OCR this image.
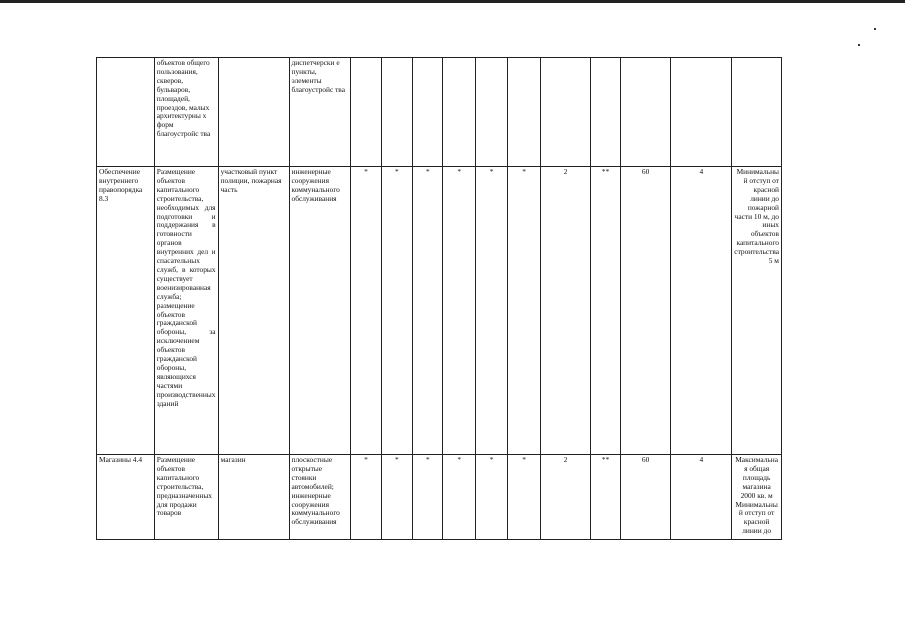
	объектов общего пользования, скверов, бульваров, площадей, проездов, малых архитектурны х форм благоустройс тва		диспетчерски е пункты, элементы благоустройс тва											
Обеспечение внутреннего правопорядка 8.3	Размещение объектов капитального строительства, необходимых для подготовки и поддержания в готовности органов внутренних дел и спасательных служб, в которых существует военизированная служба; размещение объектов гражданской обороны, за исключением объектов гражданской обороны, являющихся частями производственных зданий	участковый пункт полиции, пожарная часть	инженерные сооружения коммунального обслуживания	*	*	*	*	*	*	2	**	60	4	Минимальный отступ от красной линии до пожарной части 10 м, до иных объектов капитального строительства 5 м
Магазины 4.4	Размещение объектов капитального строительства, предназначенных для продажи товаров	магазин	плоскостные открытые стоянки автомобилей; инженерные сооружения коммунального обслуживания	*	*	*	*	*	*	2	**	60	4	Максимальная общая площадь магазина 2000 кв. м Минимальный отступ от красной линии до
